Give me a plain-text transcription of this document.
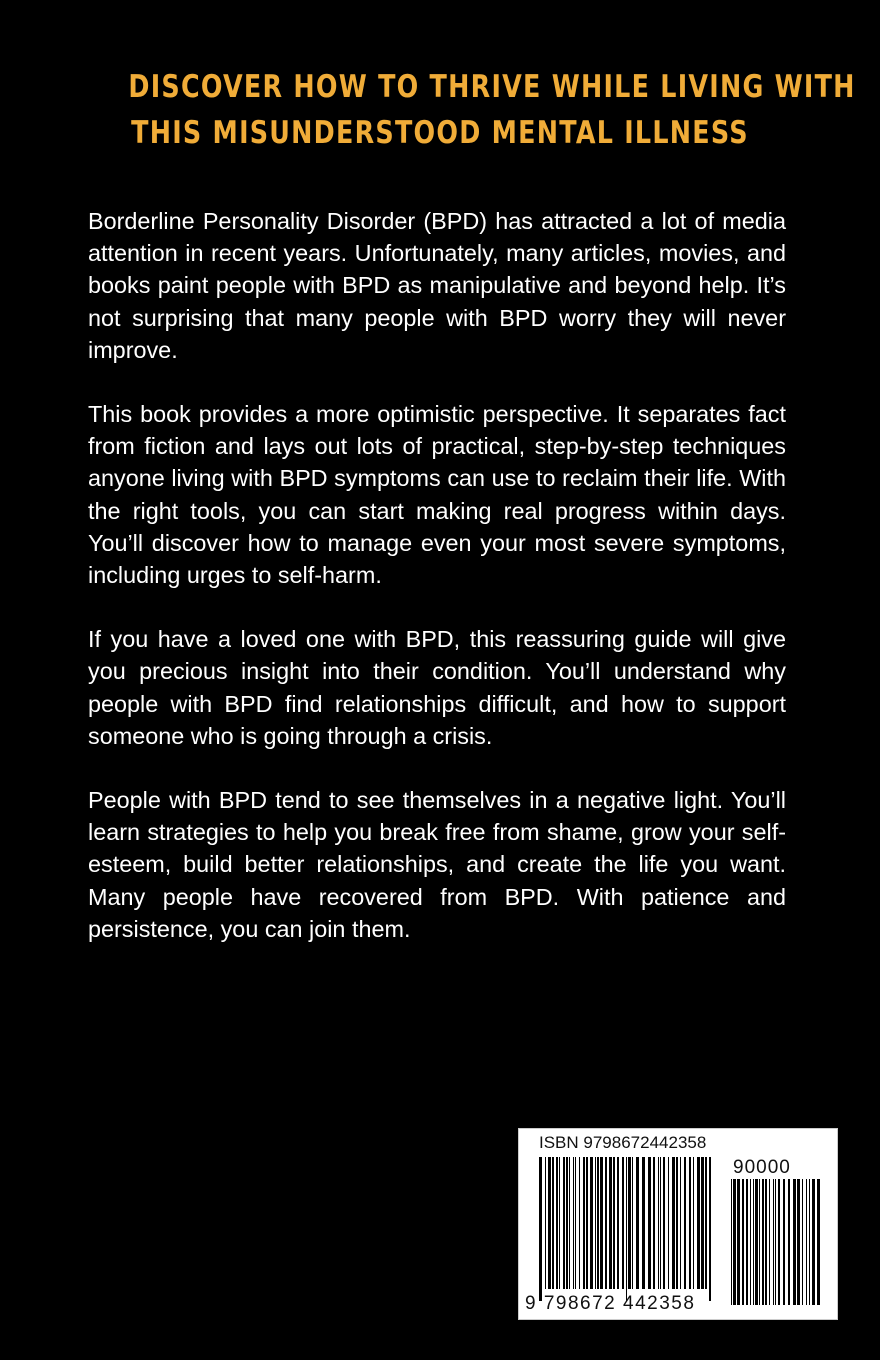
DISCOVER HOW TO THRIVE WHILE LIVING WITH
THIS MISUNDERSTOOD MENTAL ILLNESS

Borderline Personality Disorder (BPD) has attracted a lot of media attention in recent years. Unfortunately, many articles, movies, and books paint people with BPD as manipulative and beyond help. It’s not surprising that many people with BPD worry they will never improve.

This book provides a more optimistic perspective. It separates fact from fiction and lays out lots of practical, step-by-step techniques anyone living with BPD symptoms can use to reclaim their life. With the right tools, you can start making real progress within days. You’ll discover how to manage even your most severe symptoms, including urges to self-harm.

If you have a loved one with BPD, this reassuring guide will give you precious insight into their condition. You’ll understand why people with BPD find relationships difficult, and how to support someone who is going through a crisis.

People with BPD tend to see themselves in a negative light. You’ll learn strategies to help you break free from shame, grow your self-esteem, build better relationships, and create the life you want. Many people have recovered from BPD. With patience and persistence, you can join them.

ISBN 9798672442358
90000
9 798672 442358
